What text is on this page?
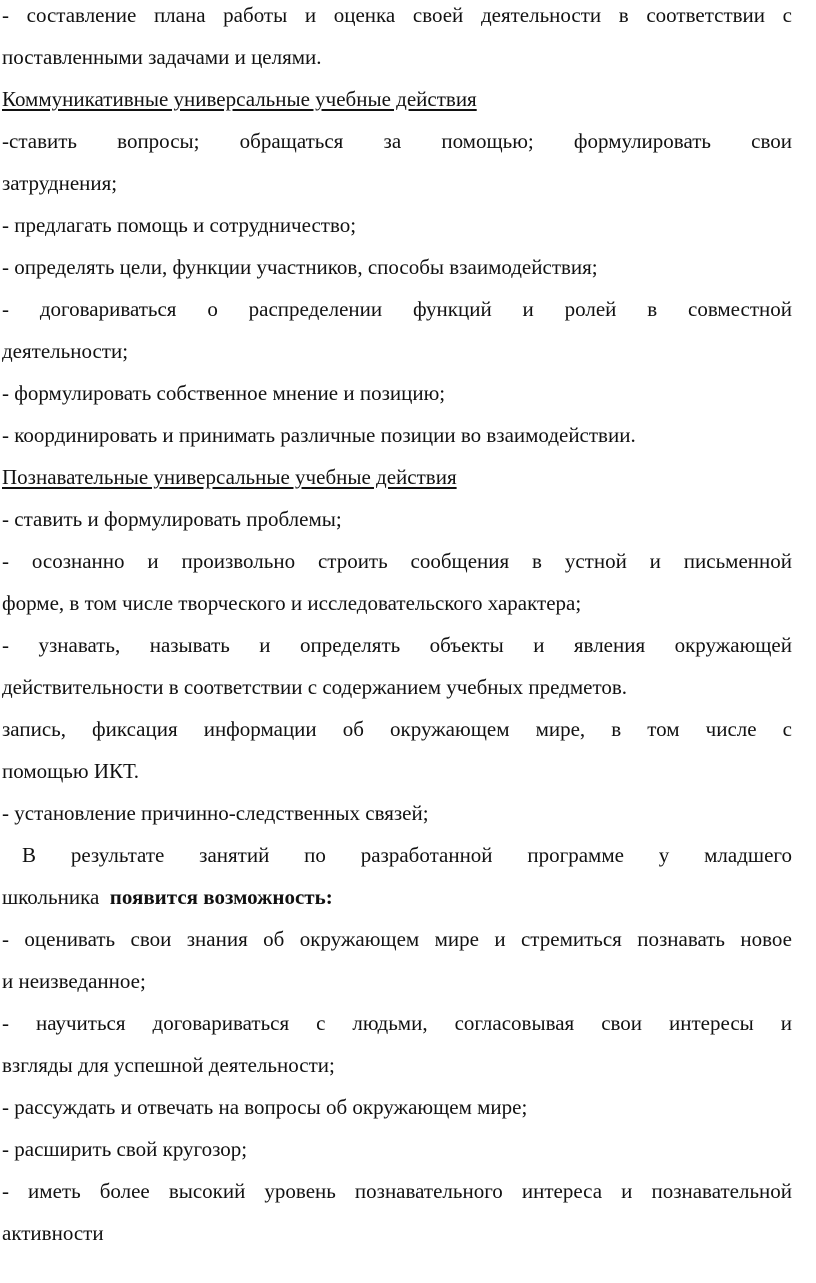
- составление плана работы и оценка своей деятельности в соответствии с
поставленными задачами и целями.
Коммуникативные универсальные учебные действия
-ставить вопросы; обращаться за помощью; формулировать свои
затруднения;
- предлагать помощь и сотрудничество;
- определять цели, функции участников, способы взаимодействия;
- договариваться о распределении функций и ролей в совместной
деятельности;
- формулировать собственное мнение и позицию;
- координировать и принимать различные позиции во взаимодействии.
Познавательные универсальные учебные действия
- ставить и формулировать проблемы;
- осознанно и произвольно строить сообщения в устной и письменной
форме, в том числе творческого и исследовательского характера;
- узнавать, называть и определять объекты и явления окружающей
действительности в соответствии с содержанием учебных предметов.
запись, фиксация информации об окружающем мире, в том числе с
помощью ИКТ.
- установление причинно-следственных связей;
В результате занятий по разработанной программе у младшего
школьника появится возможность:
- оценивать свои знания об окружающем мире и стремиться познавать новое
и неизведанное;
- научиться договариваться с людьми, согласовывая свои интересы и
взгляды для успешной деятельности;
- рассуждать и отвечать на вопросы об окружающем мире;
- расширить свой кругозор;
- иметь более высокий уровень познавательного интереса и познавательной
активности
